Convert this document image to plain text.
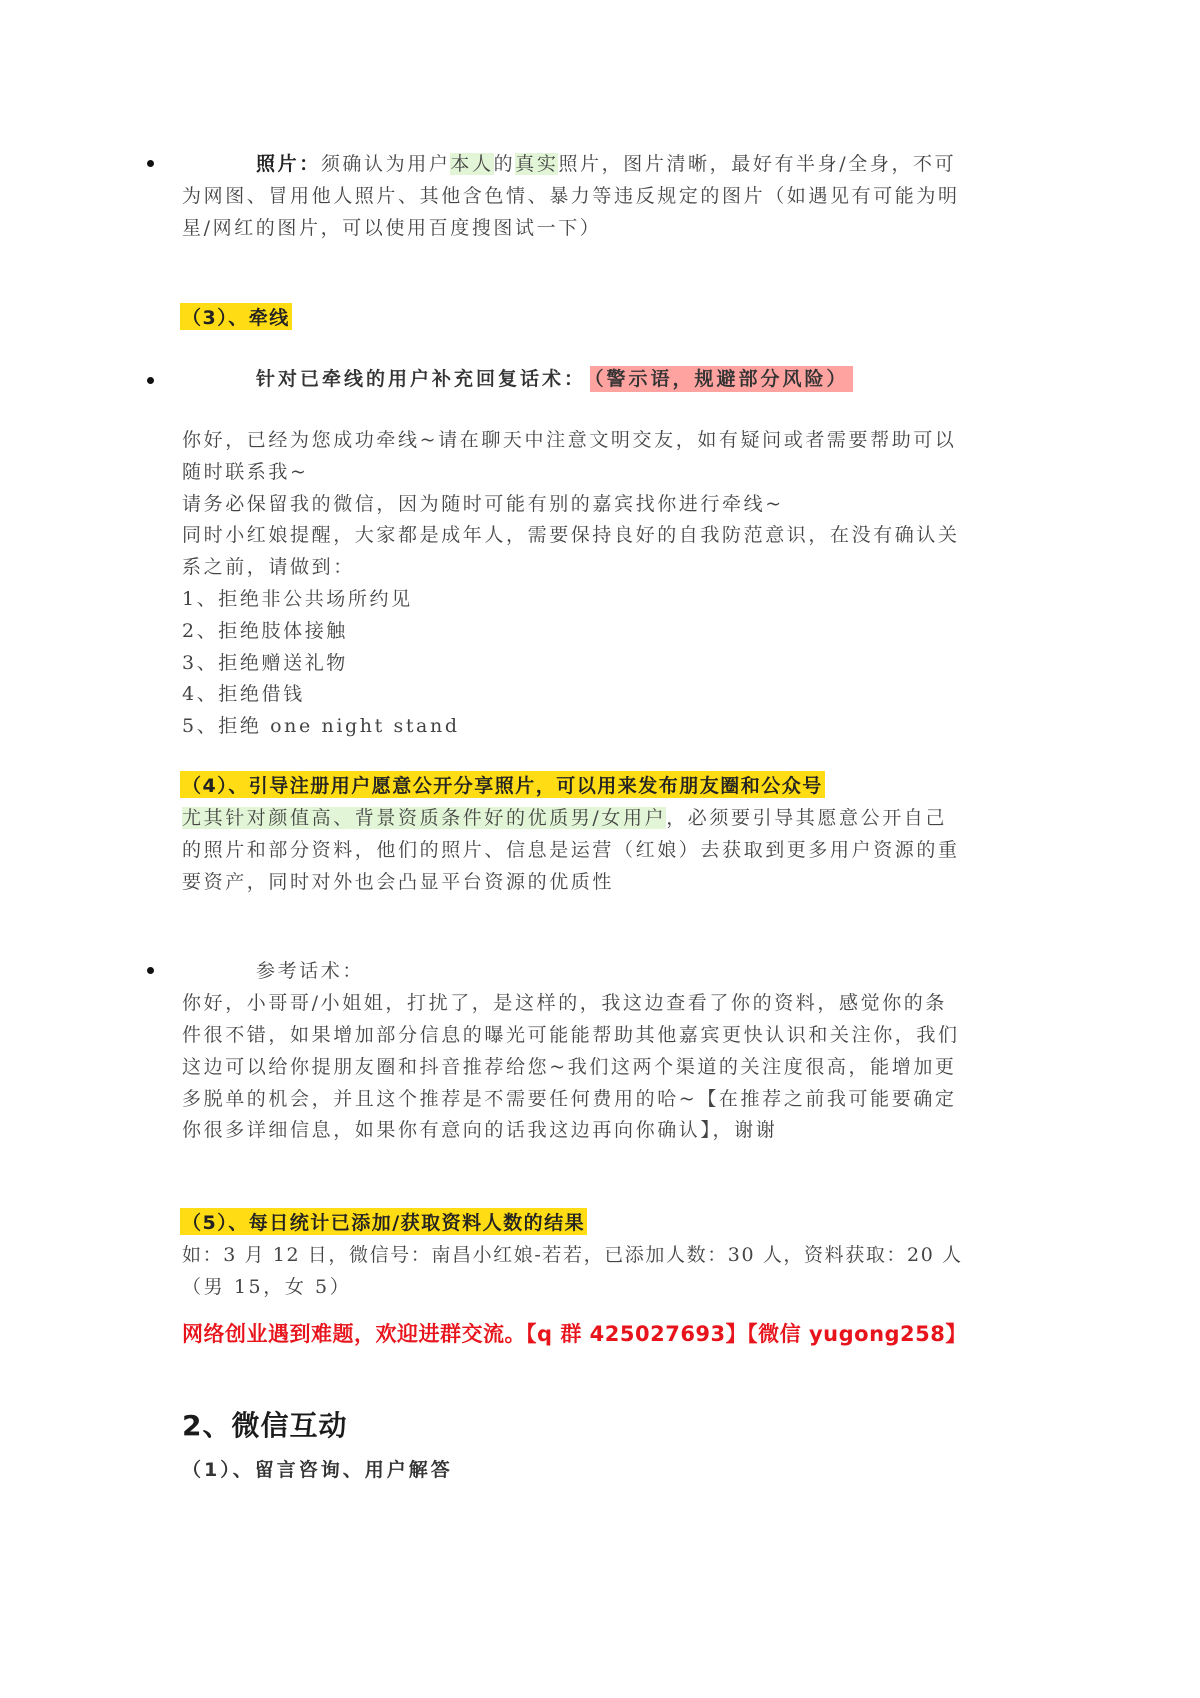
照片：须确认为用户本人的真实照片，图片清晰，最好有半身/全身，不可
为网图、冒用他人照片、其他含色情、暴力等违反规定的图片（如遇见有可能为明
星/网红的图片，可以使用百度搜图试一下）
（3）、牵线
针对已牵线的用户补充回复话术： （警示语，规避部分风险）
你好，已经为您成功牵线~请在聊天中注意文明交友，如有疑问或者需要帮助可以
随时联系我~
请务必保留我的微信，因为随时可能有别的嘉宾找你进行牵线~
同时小红娘提醒，大家都是成年人，需要保持良好的自我防范意识，在没有确认关
系之前，请做到：
1、拒绝非公共场所约见
2、拒绝肢体接触
3、拒绝赠送礼物
4、拒绝借钱
5、拒绝 one night stand
（4）、引导注册用户愿意公开分享照片，可以用来发布朋友圈和公众号
尤其针对颜值高、背景资质条件好的优质男/女用户，必须要引导其愿意公开自己
的照片和部分资料，他们的照片、信息是运营（红娘）去获取到更多用户资源的重
要资产，同时对外也会凸显平台资源的优质性
参考话术：
你好，小哥哥/小姐姐，打扰了，是这样的，我这边查看了你的资料，感觉你的条
件很不错，如果增加部分信息的曝光可能能帮助其他嘉宾更快认识和关注你，我们
这边可以给你提朋友圈和抖音推荐给您~我们这两个渠道的关注度很高，能增加更
多脱单的机会，并且这个推荐是不需要任何费用的哈~【在推荐之前我可能要确定
你很多详细信息，如果你有意向的话我这边再向你确认】，谢谢
（5）、每日统计已添加/获取资料人数的结果
如：3 月 12 日，微信号：南昌小红娘-若若，已添加人数：30 人，资料获取：20 人
（男 15，女 5）
网络创业遇到难题，欢迎进群交流。【q 群 425027693】【微信 yugong258】
2、微信互动
（1）、留言咨询、用户解答
